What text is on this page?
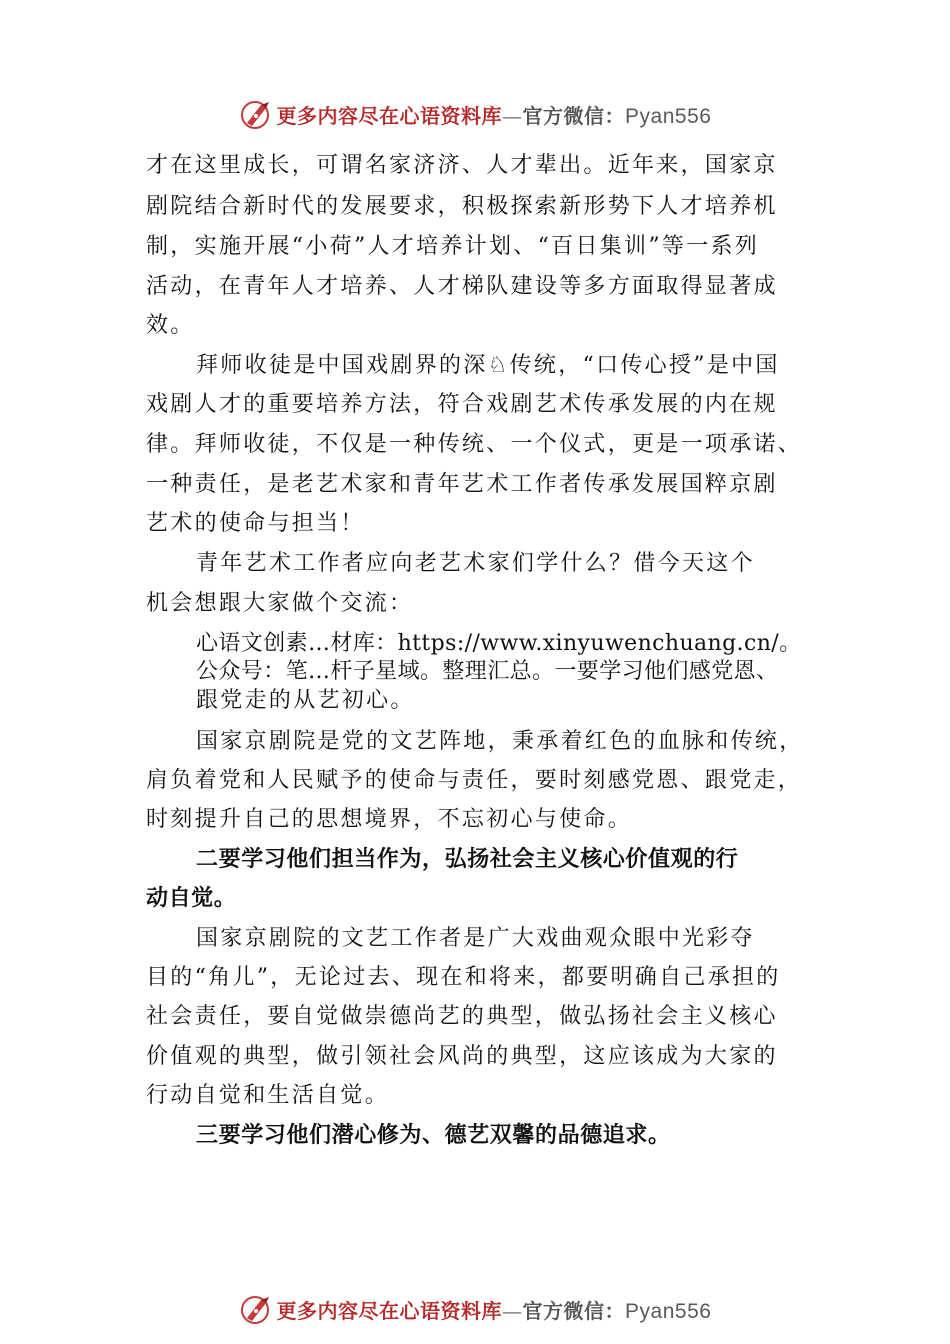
更多内容尽在心语资料库—官方微信：Pyan556
才在这里成长，可谓名家济济、人才辈出。近年来，国家京
剧院结合新时代的发展要求，积极探索新形势下人才培养机
制，实施开展“小荷”人才培养计划、“百日集训”等一系列
活动，在青年人才培养、人才梯队建设等多方面取得显著成
效。
拜师收徒是中国戏剧界的深♘传统，“口传心授”是中国
戏剧人才的重要培养方法，符合戏剧艺术传承发展的内在规
律。拜师收徒，不仅是一种传统、一个仪式，更是一项承诺、
一种责任，是老艺术家和青年艺术工作者传承发展国粹京剧
艺术的使命与担当！
青年艺术工作者应向老艺术家们学什么？借今天这个
机会想跟大家做个交流：
心语文创素…材库：https://www.xinyuwenchuang.cn/。
公众号：笔…杆子星域。整理汇总。一要学习他们感党恩、
跟党走的从艺初心。
国家京剧院是党的文艺阵地，秉承着红色的血脉和传统，
肩负着党和人民赋予的使命与责任，要时刻感党恩、跟党走，
时刻提升自己的思想境界，不忘初心与使命。
二要学习他们担当作为，弘扬社会主义核心价值观的行
动自觉。
国家京剧院的文艺工作者是广大戏曲观众眼中光彩夺
目的“角儿”，无论过去、现在和将来，都要明确自己承担的
社会责任，要自觉做崇德尚艺的典型，做弘扬社会主义核心
价值观的典型，做引领社会风尚的典型，这应该成为大家的
行动自觉和生活自觉。
三要学习他们潜心修为、德艺双馨的品德追求。
更多内容尽在心语资料库—官方微信：Pyan556
